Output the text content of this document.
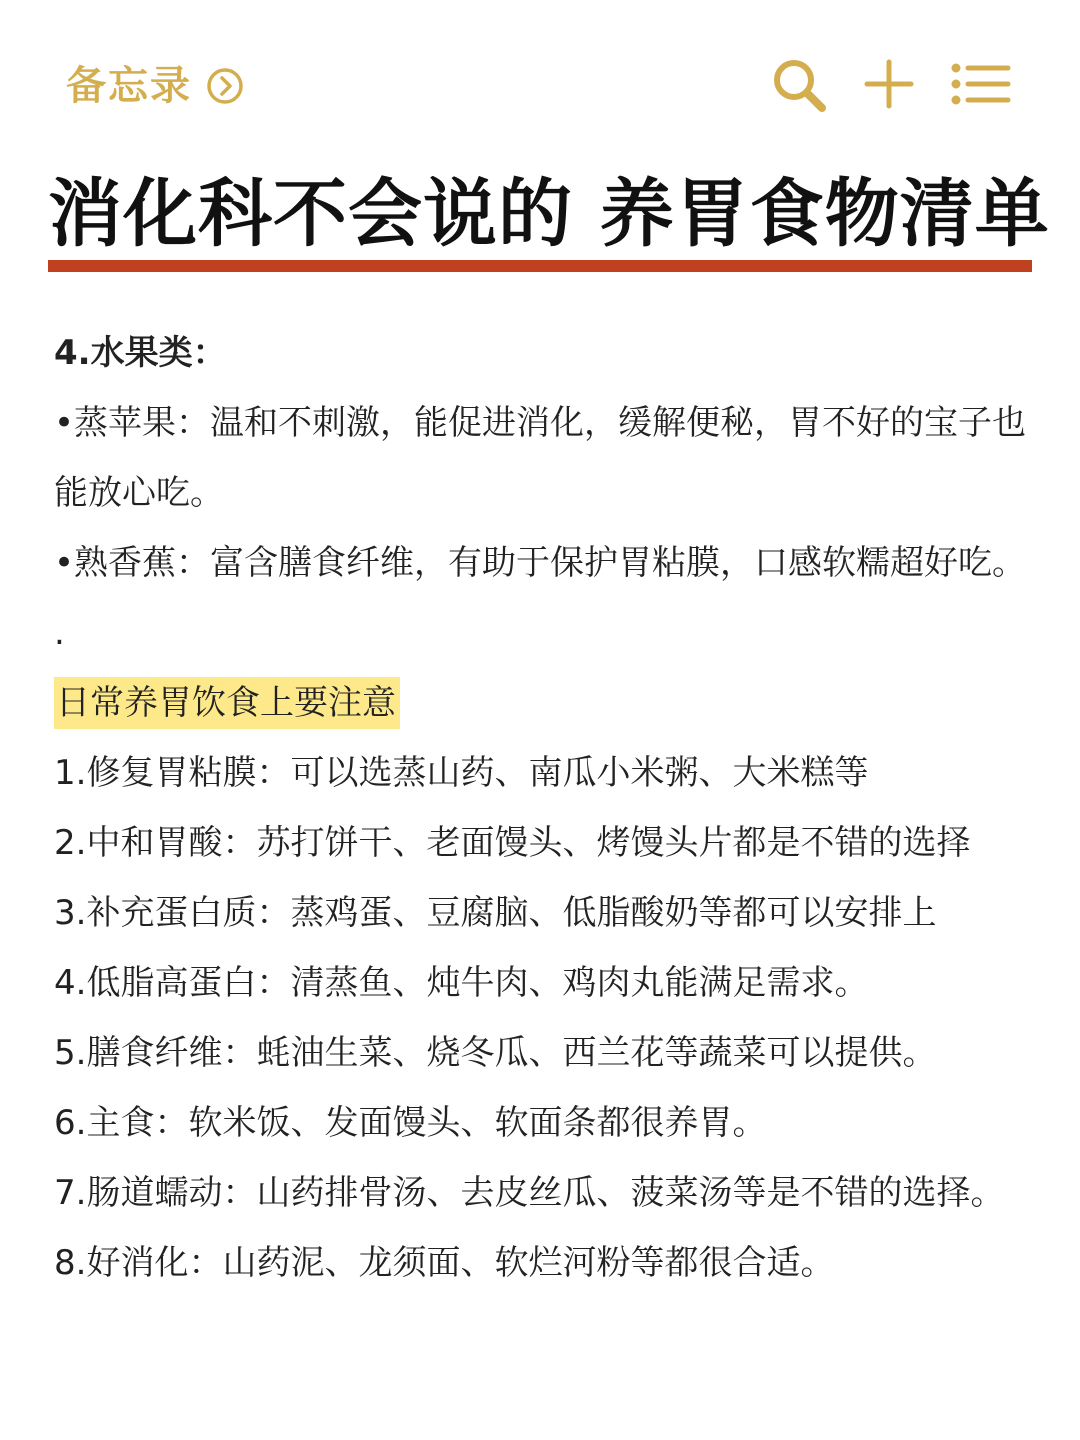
备忘录
消化科不会说的 养胃食物清单
4.水果类：

•蒸苹果：温和不刺激，能促进消化，缓解便秘，胃不好的宝子也能放心吃。

•熟香蕉：富含膳食纤维，有助于保护胃粘膜，口感软糯超好吃。

.
日常养胃饮食上要注意
1.修复胃粘膜：可以选蒸山药、南瓜小米粥、大米糕等
2.中和胃酸：苏打饼干、老面馒头、烤馒头片都是不错的选择
3.补充蛋白质：蒸鸡蛋、豆腐脑、低脂酸奶等都可以安排上
4.低脂高蛋白：清蒸鱼、炖牛肉、鸡肉丸能满足需求。
5.膳食纤维：蚝油生菜、烧冬瓜、西兰花等蔬菜可以提供。
6.主食：软米饭、发面馒头、软面条都很养胃。
7.肠道蠕动：山药排骨汤、去皮丝瓜、菠菜汤等是不错的选择。
8.好消化：山药泥、龙须面、软烂河粉等都很合适。
